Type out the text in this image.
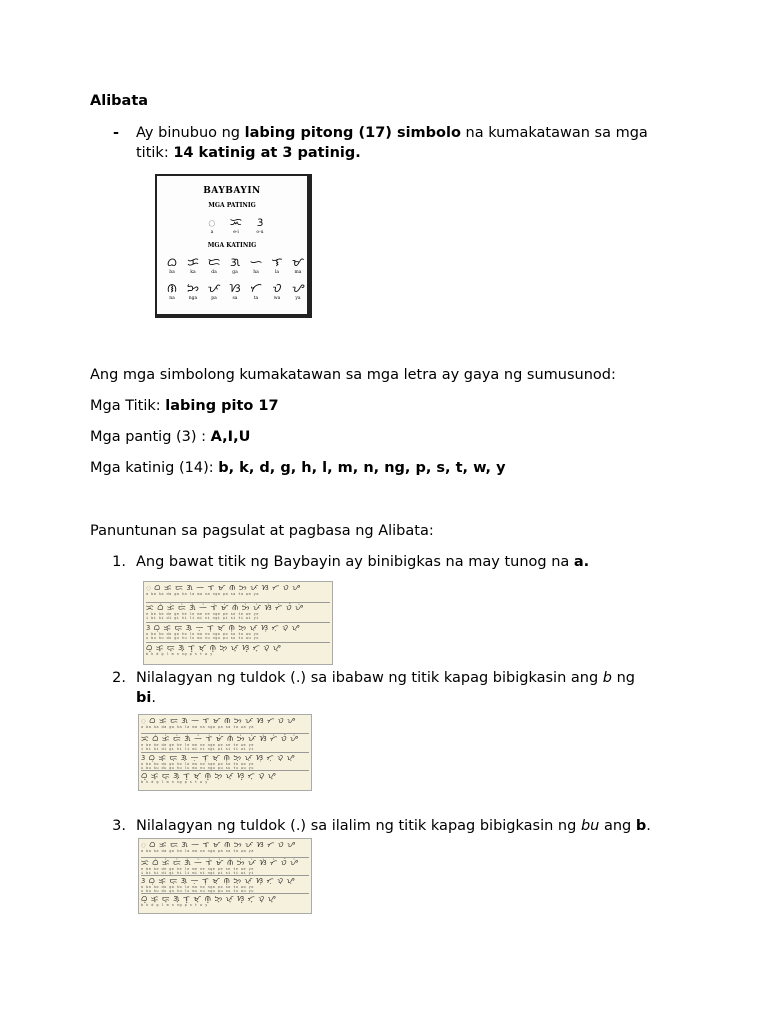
Alibata
- Ay binubuo ng labing pitong (17) simbolo na kumakatawan sa mga
titik: 14 katinig at 3 patinig.
BAYBAYIN
MGA PATINIG
ᜀ
a
ᜁ
e-i
ᜂ
o-u
MGA KATINIG
ᜊ
ba
ᜃ
ka
ᜇ
da
ᜄ
ga
ᜑ
ha
ᜎ
la
ᜋ
ma
ᜈ
na
ᜅ
nga
ᜉ
pa
ᜐ
sa
ᜆ
ta
ᜏ
wa
ᜌ
ya
Ang mga simbolong kumakatawan sa mga letra ay gaya ng sumusunod:
Mga Titik: labing pito 17
Mga pantig (3) : A,I,U
Mga katinig (14): b, k, d, g, h, l, m, n, ng, p, s, t, w, y
Panuntunan sa pagsulat at pagbasa ng Alibata:
1. Ang bawat titik ng Baybayin ay binibigkas na may tunog na a.
ᜀ ᜊ ᜃ ᜇ ᜄ ᜑ ᜎ ᜋ ᜈ ᜅ ᜉ ᜐ ᜆ ᜏ ᜌ
a ba ka da ga ha la ma na nga pa sa ta wa ya
ᜁ ᜊᜒ ᜃᜒ ᜇᜒ ᜄᜒ ᜑᜒ ᜎᜒ ᜋᜒ ᜈᜒ ᜅᜒ ᜉᜒ ᜐᜒ ᜆᜒ ᜏᜒ ᜌᜒ
e be ke de ge he le me ne nge pe se te we ye
i bi ki di gi hi li mi ni ngi pi si ti wi yi
ᜂ ᜊᜓ ᜃᜓ ᜇᜓ ᜄᜓ ᜑᜓ ᜎᜓ ᜋᜓ ᜈᜓ ᜅᜓ ᜉᜓ ᜐᜓ ᜆᜓ ᜏᜓ ᜌᜓ
o bo ko do go ho lo mo no ngo po so to wo yo
u bu ku du gu hu lu mu nu ngu pu su tu wu yu
ᜊ᜔ ᜃ᜔ ᜇ᜔ ᜄ᜔ ᜎ᜔ ᜋ᜔ ᜈ᜔ ᜅ᜔ ᜉ᜔ ᜐ᜔ ᜆ᜔ ᜏ᜔ ᜌ᜔
b k d g l m n ng p s t w y
2. Nilalagyan ng tuldok (.) sa ibabaw ng titik kapag bibigkasin ang b ng
bi.
ᜀ ᜊ ᜃ ᜇ ᜄ ᜑ ᜎ ᜋ ᜈ ᜅ ᜉ ᜐ ᜆ ᜏ ᜌ
a ba ka da ga ha la ma na nga pa sa ta wa ya
ᜁ ᜊᜒ ᜃᜒ ᜇᜒ ᜄᜒ ᜑᜒ ᜎᜒ ᜋᜒ ᜈᜒ ᜅᜒ ᜉᜒ ᜐᜒ ᜆᜒ ᜏᜒ ᜌᜒ
e be ke de ge he le me ne nge pe se te we ye
i bi ki di gi hi li mi ni ngi pi si ti wi yi
ᜂ ᜊᜓ ᜃᜓ ᜇᜓ ᜄᜓ ᜑᜓ ᜎᜓ ᜋᜓ ᜈᜓ ᜅᜓ ᜉᜓ ᜐᜓ ᜆᜓ ᜏᜓ ᜌᜓ
o bo ko do go ho lo mo no ngo po so to wo yo
u bu ku du gu hu lu mu nu ngu pu su tu wu yu
ᜊ᜔ ᜃ᜔ ᜇ᜔ ᜄ᜔ ᜎ᜔ ᜋ᜔ ᜈ᜔ ᜅ᜔ ᜉ᜔ ᜐ᜔ ᜆ᜔ ᜏ᜔ ᜌ᜔
b k d g l m n ng p s t w y
3. Nilalagyan ng tuldok (.) sa ilalim ng titik kapag bibigkasin ng bu ang b.
ᜀ ᜊ ᜃ ᜇ ᜄ ᜑ ᜎ ᜋ ᜈ ᜅ ᜉ ᜐ ᜆ ᜏ ᜌ
a ba ka da ga ha la ma na nga pa sa ta wa ya
ᜁ ᜊᜒ ᜃᜒ ᜇᜒ ᜄᜒ ᜑᜒ ᜎᜒ ᜋᜒ ᜈᜒ ᜅᜒ ᜉᜒ ᜐᜒ ᜆᜒ ᜏᜒ ᜌᜒ
e be ke de ge he le me ne nge pe se te we ye
i bi ki di gi hi li mi ni ngi pi si ti wi yi
ᜂ ᜊᜓ ᜃᜓ ᜇᜓ ᜄᜓ ᜑᜓ ᜎᜓ ᜋᜓ ᜈᜓ ᜅᜓ ᜉᜓ ᜐᜓ ᜆᜓ ᜏᜓ ᜌᜓ
o bo ko do go ho lo mo no ngo po so to wo yo
u bu ku du gu hu lu mu nu ngu pu su tu wu yu
ᜊ᜔ ᜃ᜔ ᜇ᜔ ᜄ᜔ ᜎ᜔ ᜋ᜔ ᜈ᜔ ᜅ᜔ ᜉ᜔ ᜐ᜔ ᜆ᜔ ᜏ᜔ ᜌ᜔
b k d g l m n ng p s t w y
